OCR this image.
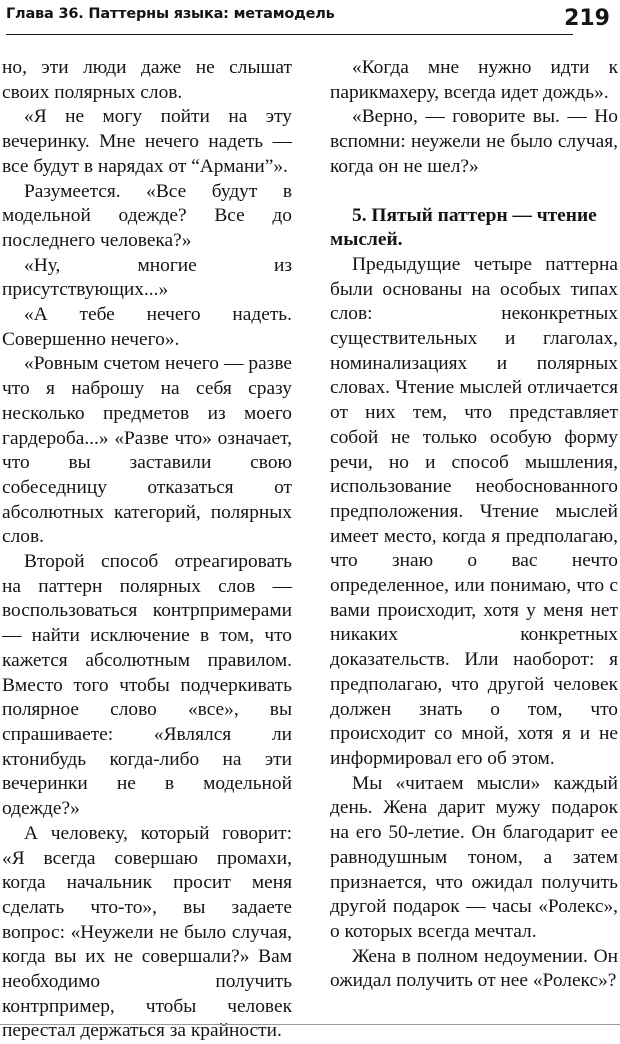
Глава 36. Паттерны языка: метамодель	219

но, эти люди даже не слышат своих полярных слов.

«Я не могу пойти на эту вечеринку. Мне нечего надеть — все будут в нарядах от “Армани”».

Разумеется. «Все будут в модельной одежде? Все до последнего человека?»

«Ну, многие из присутствующих...»

«А тебе нечего надеть. Совершенно нечего».

«Ровным счетом нечего — разве что я наброшу на себя сразу несколько предметов из моего гардероба...» «Разве что» означает, что вы заставили свою собеседницу отказаться от абсолютных категорий, полярных слов.

Второй способ отреагировать на паттерн полярных слов — воспользоваться контрпримерами — найти исключение в том, что кажется абсолютным правилом. Вместо того чтобы подчеркивать полярное слово «все», вы спрашиваете: «Являлся ли ктонибудь когда-либо на эти вечеринки не в модельной одежде?»

А человеку, который говорит: «Я всегда совершаю промахи, когда начальник просит меня сделать что-то», вы задаете вопрос: «Неужели не было случая, когда вы их не совершали?» Вам необходимо получить контрпример, чтобы человек перестал держаться за крайности.

«Когда мне нужно идти к парикмахеру, всегда идет дождь».

«Верно, — говорите вы. — Но вспомни: неужели не было случая, когда он не шел?»

5. Пятый паттерн — чтение мыслей.

Предыдущие четыре паттерна были основаны на особых типах слов: неконкретных существительных и глаголах, номинализациях и полярных словах. Чтение мыслей отличается от них тем, что представляет собой не только особую форму речи, но и способ мышления, использование необоснованного предположения. Чтение мыслей имеет место, когда я предполагаю, что знаю о вас нечто определенное, или понимаю, что с вами происходит, хотя у меня нет никаких конкретных доказательств. Или наоборот: я предполагаю, что другой человек должен знать о том, что происходит со мной, хотя я и не информировал его об этом.

Мы «читаем мысли» каждый день. Жена дарит мужу подарок на его 50-летие. Он благодарит ее равнодушным тоном, а затем признается, что ожидал получить другой подарок — часы «Ролекс», о которых всегда мечтал.

Жена в полном недоумении. Он ожидал получить от нее «Ролекс»?
